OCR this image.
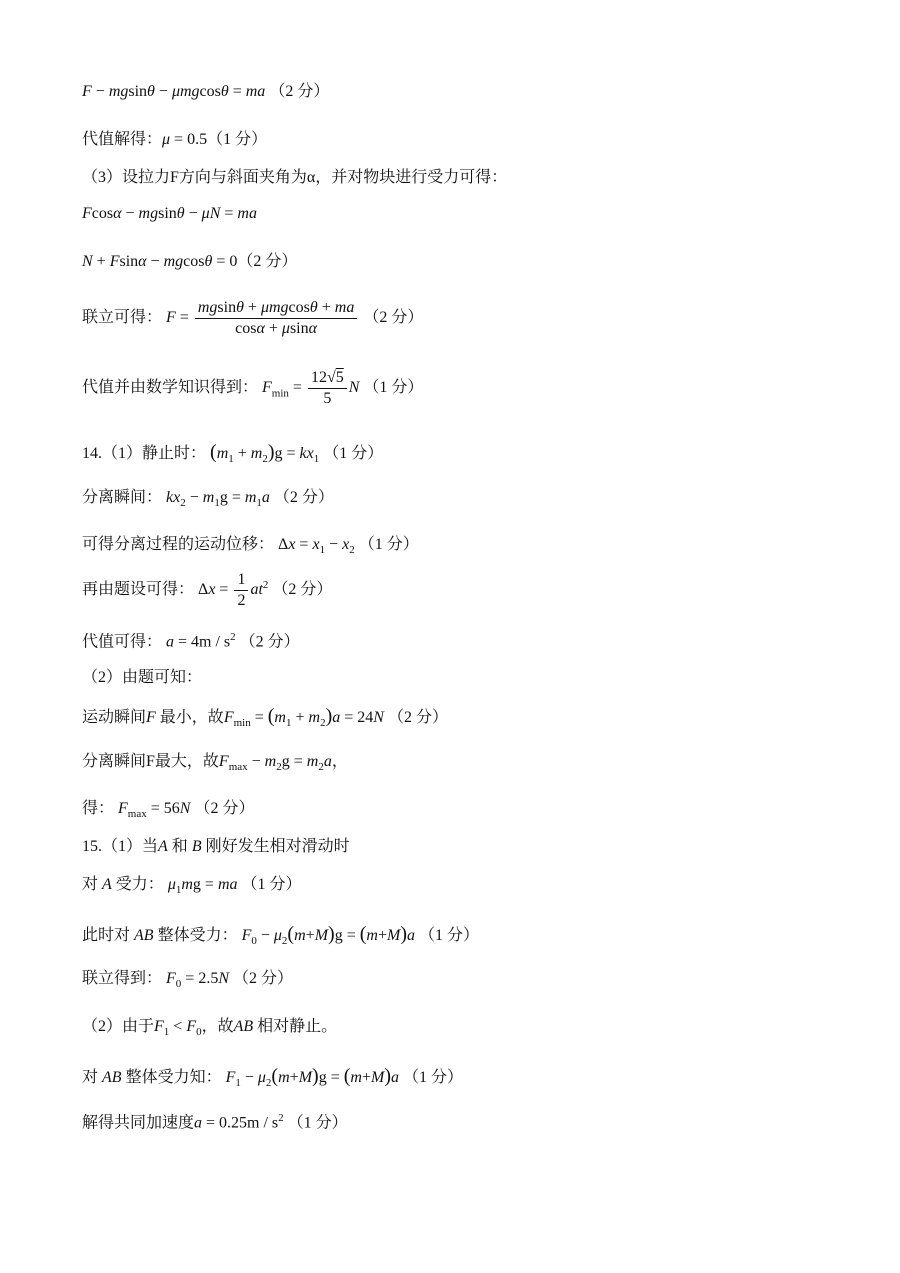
F − mgsinθ − μmgcosθ = ma （2 分）
代值解得：μ = 0.5（1 分）
（3）设拉力F方向与斜面夹角为α，并对物块进行受力可得：
Fcosα − mgsinθ − μN = ma
N + Fsinα − mgcosθ = 0（2 分）
联立可得： $F = \frac{\text{mgsinθ + μmgcosθ + ma}}{\cos\alpha + \mu\sin\alpha} (2$ 分）
代值并由数学知识得到： $F_{min} = \frac{12√5}{5}$ N （1 分）
14.（1）静止时： $(m_1 + m_2)g = kx_1$ （1 分）
分离瞬间： $kx_2 - m_1g = m_1a$ （2 分）
可得分离过程的运动位移： $\Delta x = x_1 - x_2$ （1 分）
再由题设可得： $\Delta x = \frac{1}{2} at^2$ （2 分）
代值可得： $a = 4m / s^2$ （2 分）
（2）由题可知：
运动瞬间F 最小，故$F_{min} = (m_1 + m_2)a = 24N$ （2 分）
分离瞬间F最大，故$F_{max} - m_2g = m_2a$，
得： $F_{max} = 56N$ （2 分）
15.（1）当A 和 B 刚好发生相对滑动时
对 A 受力： $\mu_1mg$ = ma （1 分）
此时对 AB 整体受力： $F_0 - \mu_2(m+M)g = (m+M)a$ （1 分）
联立得到： $F_0 = 2.5N$ （2 分）
（2）由于$F_1 < F_0$，故AB 相对静止。
对 AB 整体受力知： $F_1 - \mu_2(m+M)g = (m+M)a$ （1 分）
解得共同加速度$a = 0.25m / s^2$ （1 分）
